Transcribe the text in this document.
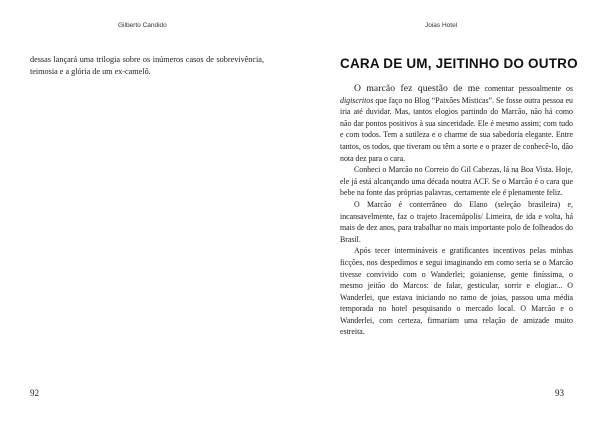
Gilberto Candido

dessas lançará uma trilogia sobre os inúmeros casos de sobrevivência, teimosia e a glória de um ex-camelô.

92
Joias Hotel
CARA DE UM, JEITINHO DO OUTRO

O marcão fez questão de me comentar pessoalmente os digiscritos que faço no Blog “Paixões Místicas”. Se fosse outra pessoa eu iria até duvidar. Mas, tantos elogios partindo do Marcão, não há como não dar pontos positivos à sua sinceridade. Ele é mesmo assim; com tudo e com todos. Tem a sutileza e o charme de sua sabedoria elegante. Entre tantos, os todos, que tiveram ou têm a sorte e o prazer de conhecê-lo, dão nota dez para o cara.

Conheci o Marcão no Correio do Gil Cabezas, lá na Boa Vista. Hoje, ele já está alcançando uma década noutra ACF. Se o Marcão é o cara que bebe na fonte das próprias palavras, certamente ele é plenamente feliz.

O Marcão é conterrâneo do Elano (seleção brasileira) e, incansavelmente, faz o trajeto Iracemápolis/ Limeira, de ida e volta, há mais de dez anos, para trabalhar no mais importante polo de folheados do Brasil.

Após tecer intermináveis e gratificantes incentivos pelas minhas ficções, nos despedimos e segui imaginando em como seria se o Marcão tivesse convivido com o Wanderlei; goianiense, gente finíssima, o mesmo jeitão do Marcos: de falar, gesticular, sorrir e elogiar... O Wanderlei, que estava iniciando no ramo de joias, passou uma média temporada no hotel pesquisando o mercado local. O Marcão e o Wanderlei, com certeza, firmariam uma relação de amizade muito estreita.

93
